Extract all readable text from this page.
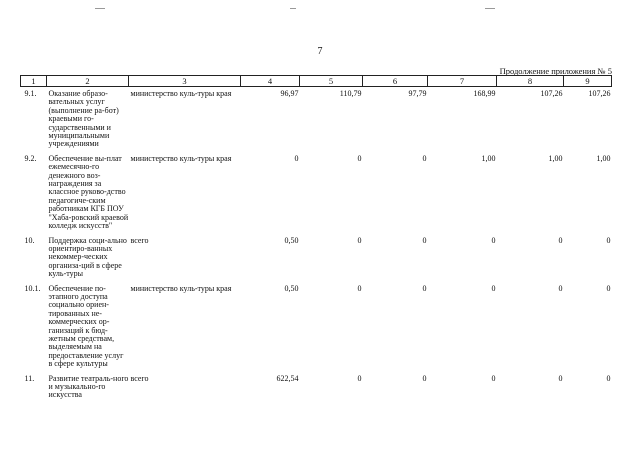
7
Продолжение приложения № 5
1	2	3	4	5	6	7	8	9
9.1.	Оказание образо-вательных услуг (выполнение ра-бот) краевыми го-сударственными и муниципальными учреждениями	министерство куль-туры края	96,97	110,79	97,79	168,99	107,26	107,26
9.2.	Обеспечение вы-плат ежемесячно-го денежного воз-награждения за классное руково-дство педагогиче-ским работникам КГБ ПОУ "Хаба-ровский краевой колледж искусств"	министерство куль-туры края	0	0	0	1,00	1,00	1,00
10.	Поддержка соци-ально ориентиро-ванных некоммер-ческих организа-ций в сфере куль-туры	всего	0,50	0	0	0	0	0
10.1.	Обеспечение по-этапного доступа социально ориен-тированных не-коммерческих ор-ганизаций к бюд-жетным средствам, выделяемым на предоставление услуг в сфере культуры	министерство куль-туры края	0,50	0	0	0	0	0
11.	Развитие театраль-ного и музыкально-го искусства	всего	622,54	0	0	0	0	0
